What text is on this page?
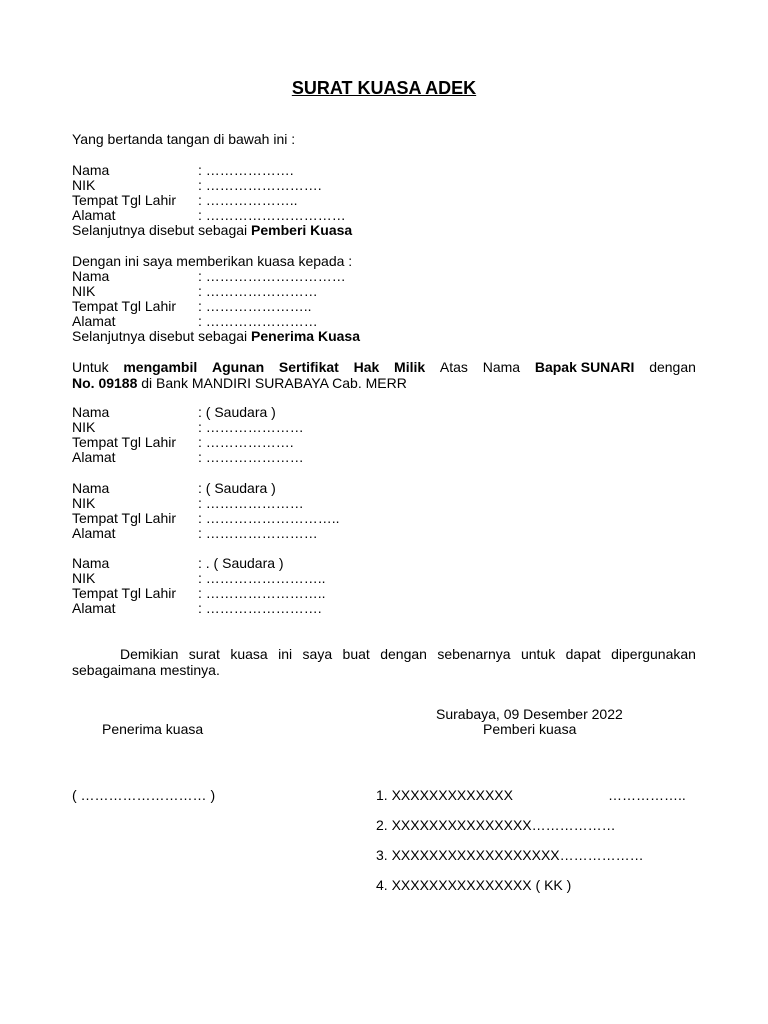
SURAT KUASA ADEK
Yang bertanda tangan di bawah ini :
Nama	: ……………….
NIK	: …………………….
Tempat Tgl Lahir : ………………..
Alamat	: …………………………
Selanjutnya disebut sebagai Pemberi Kuasa
Dengan ini saya memberikan kuasa kepada :
Nama	: …………………………
NIK	: ……………………
Tempat Tgl Lahir : …………………..
Alamat	: ……………………
Selanjutnya disebut sebagai Penerima Kuasa
Untuk mengambil Agunan Sertifikat Hak Milik Atas Nama Bapak SUNARI dengan
No. 09188 di Bank MANDIRI SURABAYA Cab. MERR
Nama	: ( Saudara )
NIK	: …………………
Tempat Tgl Lahir : ……………….
Alamat	: …………………
Nama	: ( Saudara )
NIK	: …………………
Tempat Tgl Lahir : ………………………..
Alamat	: ……………………
Nama	: . ( Saudara )
NIK	: ……………………..
Tempat Tgl Lahir : ……………………..
Alamat	: …………………….
Demikian surat kuasa ini saya buat dengan sebenarnya untuk dapat dipergunakan
sebagaimana mestinya.
Surabaya, 09 Desember 2022
Penerima kuasa	Pemberi kuasa
( ……………………… )	1. XXXXXXXXXXXXX	……………..
2. XXXXXXXXXXXXXXX………………
3. XXXXXXXXXXXXXXXXXX………………
4. XXXXXXXXXXXXXXX ( KK )
